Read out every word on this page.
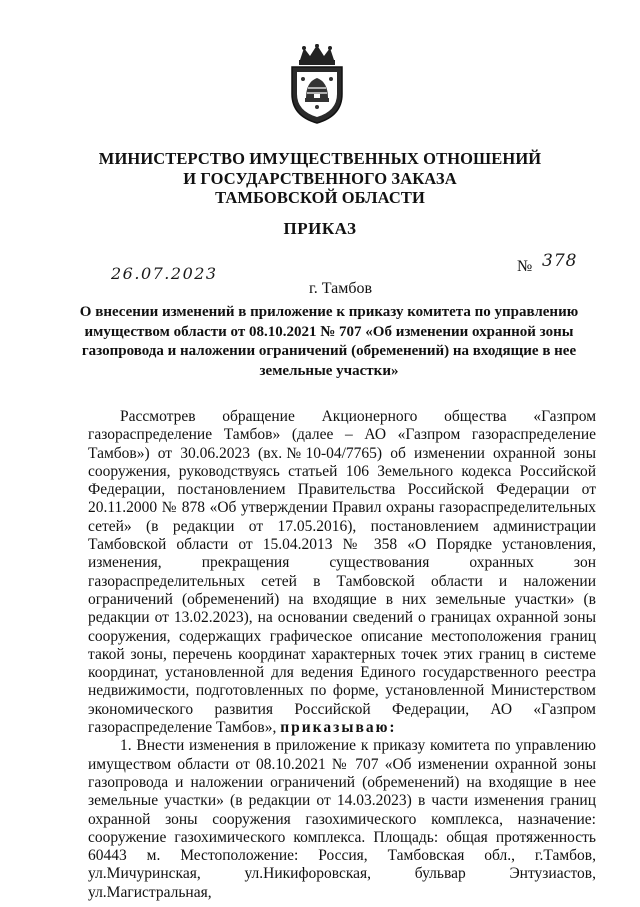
МИНИСТЕРСТВО ИМУЩЕСТВЕННЫХ ОТНОШЕНИЙ
И ГОСУДАРСТВЕННОГО ЗАКАЗА
ТАМБОВСКОЙ ОБЛАСТИ
ПРИКАЗ
26.07.2023
г. Тамбов
№ 378
О внесении изменений в приложение к приказу комитета по управлению имуществом области от 08.10.2021 № 707 «Об изменении охранной зоны газопровода и наложении ограничений (обременений) на входящие в нее земельные участки»

Рассмотрев обращение Акционерного общества «Газпром газораспределение Тамбов» (далее – АО «Газпром газораспределение Тамбов») от 30.06.2023 (вх.№10-04/7765) об изменении охранной зоны сооружения, руководствуясь статьей 106 Земельного кодекса Российской Федерации, постановлением Правительства Российской Федерации от 20.11.2000 № 878 «Об утверждении Правил охраны газораспределительных сетей» (в редакции от 17.05.2016), постановлением администрации Тамбовской области от 15.04.2013 № 358 «О Порядке установления, изменения, прекращения существования охранных зон газораспределительных сетей в Тамбовской области и наложении ограничений (обременений) на входящие в них земельные участки» (в редакции от 13.02.2023), на основании сведений о границах охранной зоны сооружения, содержащих графическое описание местоположения границ такой зоны, перечень координат характерных точек этих границ в системе координат, установленной для ведения Единого государственного реестра недвижимости, подготовленных по форме, установленной Министерством экономического развития Российской Федерации, АО «Газпром газораспределение Тамбов», приказываю:

1. Внести изменения в приложение к приказу комитета по управлению имуществом области от 08.10.2021 № 707 «Об изменении охранной зоны газопровода и наложении ограничений (обременений) на входящие в нее земельные участки» (в редакции от 14.03.2023) в части изменения границ охранной зоны сооружения газохимического комплекса, назначение: сооружение газохимического комплекса. Площадь: общая протяженность 60443 м. Местоположение: Россия, Тамбовская обл., г.Тамбов, ул.Мичуринская, ул.Никифоровская, бульвар Энтузиастов, ул.Магистральная,
